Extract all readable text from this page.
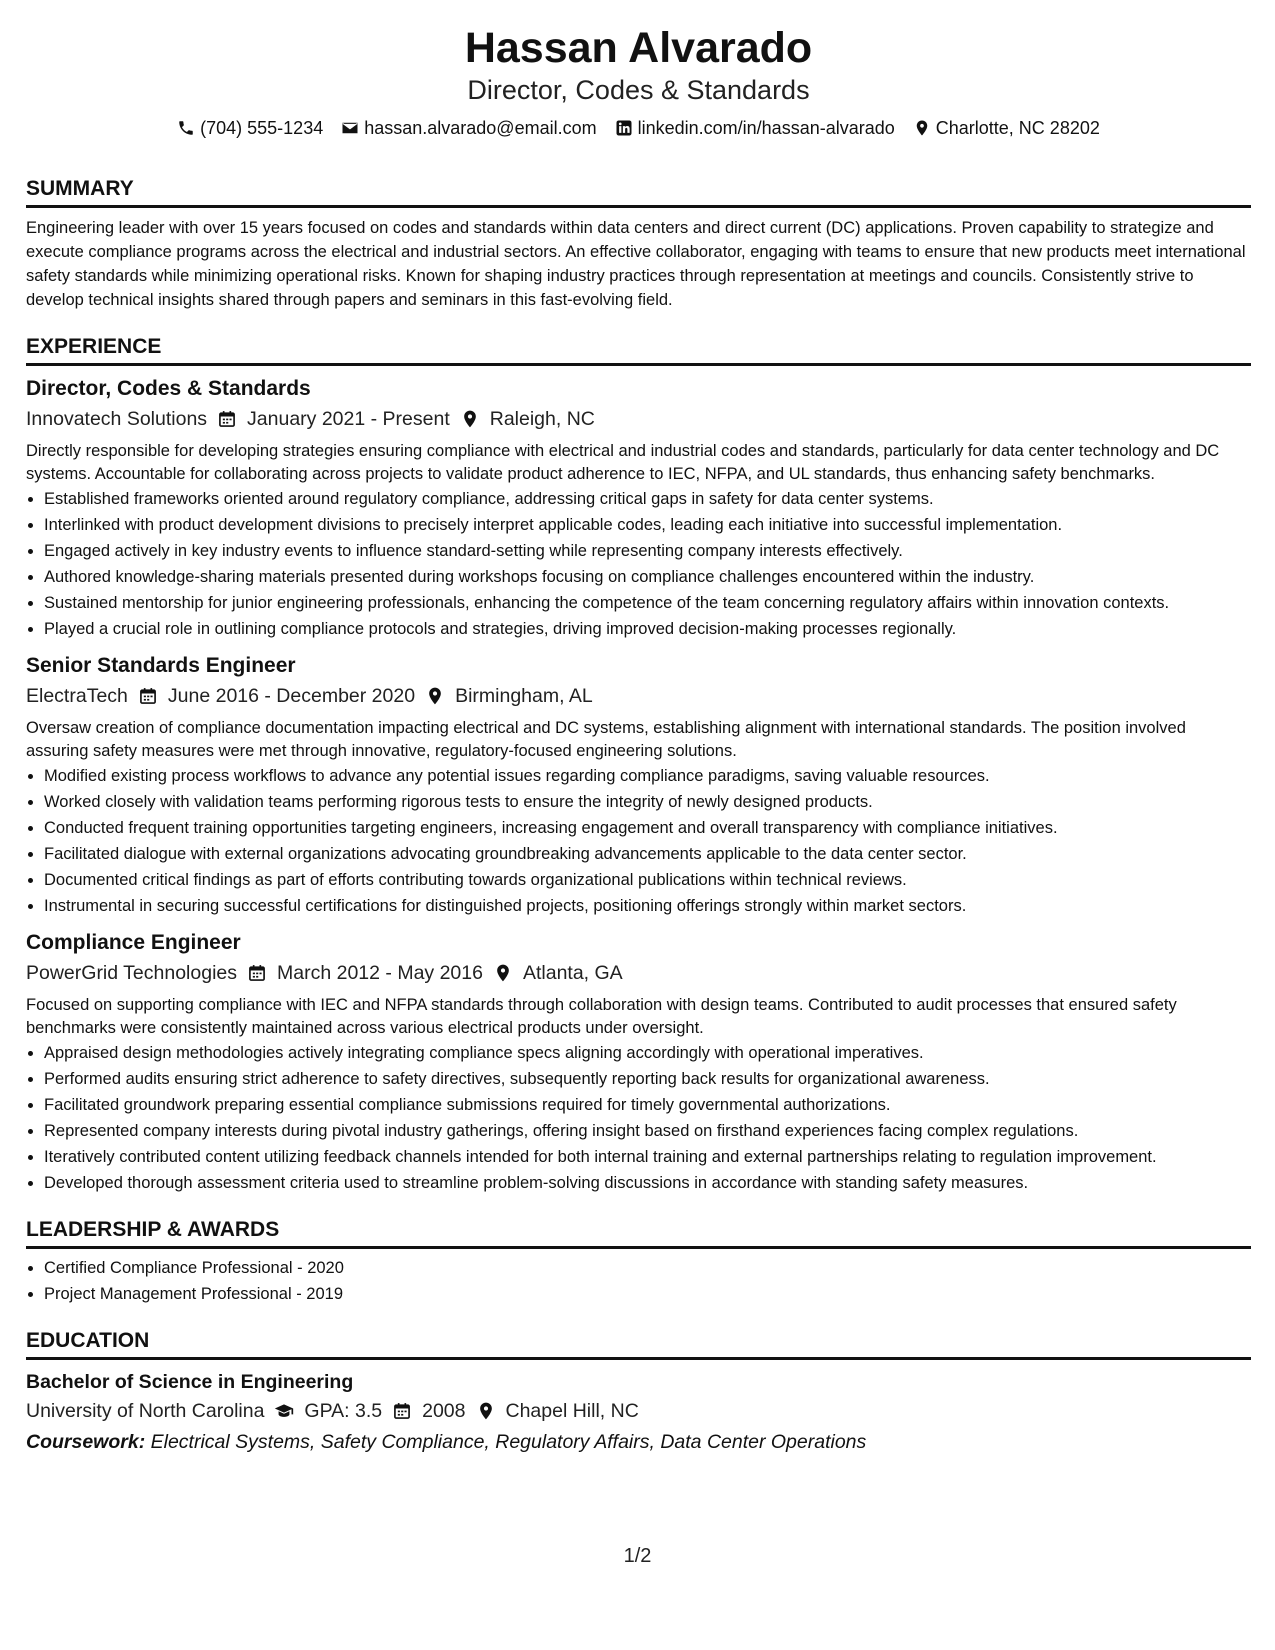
Hassan Alvarado

Director, Codes & Standards

(704) 555-1234 hassan.alvarado@email.com linkedin.com/in/hassan-alvarado Charlotte, NC 28202
SUMMARY

Engineering leader with over 15 years focused on codes and standards within data centers and direct current (DC) applications. Proven capability to strategize and execute compliance programs across the electrical and industrial sectors. An effective collaborator, engaging with teams to ensure that new products meet international safety standards while minimizing operational risks. Known for shaping industry practices through representation at meetings and councils. Consistently strive to develop technical insights shared through papers and seminars in this fast-evolving field.

EXPERIENCE
Director, Codes & Standards
Innovatech Solutions January 2021 - Present Raleigh, NC

Directly responsible for developing strategies ensuring compliance with electrical and industrial codes and standards, particularly for data center technology and DC systems. Accountable for collaborating across projects to validate product adherence to IEC, NFPA, and UL standards, thus enhancing safety benchmarks.

• Established frameworks oriented around regulatory compliance, addressing critical gaps in safety for data center systems.
• Interlinked with product development divisions to precisely interpret applicable codes, leading each initiative into successful implementation.
• Engaged actively in key industry events to influence standard-setting while representing company interests effectively.
• Authored knowledge-sharing materials presented during workshops focusing on compliance challenges encountered within the industry.
• Sustained mentorship for junior engineering professionals, enhancing the competence of the team concerning regulatory affairs within innovation contexts.
• Played a crucial role in outlining compliance protocols and strategies, driving improved decision-making processes regionally.
Senior Standards Engineer
ElectraTech June 2016 - December 2020 Birmingham, AL

Oversaw creation of compliance documentation impacting electrical and DC systems, establishing alignment with international standards. The position involved assuring safety measures were met through innovative, regulatory-focused engineering solutions.

• Modified existing process workflows to advance any potential issues regarding compliance paradigms, saving valuable resources.
• Worked closely with validation teams performing rigorous tests to ensure the integrity of newly designed products.
• Conducted frequent training opportunities targeting engineers, increasing engagement and overall transparency with compliance initiatives.
• Facilitated dialogue with external organizations advocating groundbreaking advancements applicable to the data center sector.
• Documented critical findings as part of efforts contributing towards organizational publications within technical reviews.
• Instrumental in securing successful certifications for distinguished projects, positioning offerings strongly within market sectors.
Compliance Engineer
PowerGrid Technologies March 2012 - May 2016 Atlanta, GA

Focused on supporting compliance with IEC and NFPA standards through collaboration with design teams. Contributed to audit processes that ensured safety benchmarks were consistently maintained across various electrical products under oversight.

• Appraised design methodologies actively integrating compliance specs aligning accordingly with operational imperatives.
• Performed audits ensuring strict adherence to safety directives, subsequently reporting back results for organizational awareness.
• Facilitated groundwork preparing essential compliance submissions required for timely governmental authorizations.
• Represented company interests during pivotal industry gatherings, offering insight based on firsthand experiences facing complex regulations.
• Iteratively contributed content utilizing feedback channels intended for both internal training and external partnerships relating to regulation improvement.
• Developed thorough assessment criteria used to streamline problem-solving discussions in accordance with standing safety measures.
LEADERSHIP & AWARDS
• Certified Compliance Professional - 2020
• Project Management Professional - 2019
EDUCATION
Bachelor of Science in Engineering
University of North Carolina GPA: 3.5 2008 Chapel Hill, NC
Coursework: Electrical Systems, Safety Compliance, Regulatory Affairs, Data Center Operations
1/2
